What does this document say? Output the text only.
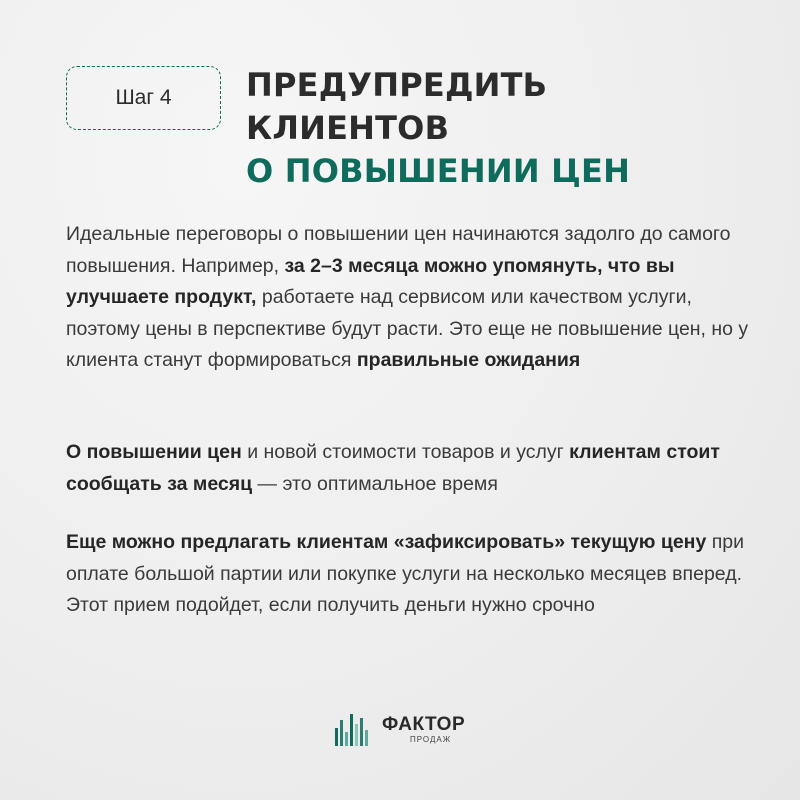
Шаг 4 ПРЕДУПРЕДИТЬ
КЛИЕНТОВ
О ПОВЫШЕНИИ ЦЕН
Идеальные переговоры о повышении цен начинаются задолго до самого повышения. Например, за 2–3 месяца можно упомянуть, что вы улучшаете продукт, работаете над сервисом или качеством услуги, поэтому цены в перспективе будут расти. Это еще не повышение цен, но у клиента станут формироваться правильные ожидания
О повышении цен и новой стоимости товаров и услуг клиентам стоит сообщать за месяц — это оптимальное время
Еще можно предлагать клиентам «зафиксировать» текущую цену при оплате большой партии или покупке услуги на несколько месяцев вперед. Этот прием подойдет, если получить деньги нужно срочно
ФАКТОР
ПРОДАЖ
